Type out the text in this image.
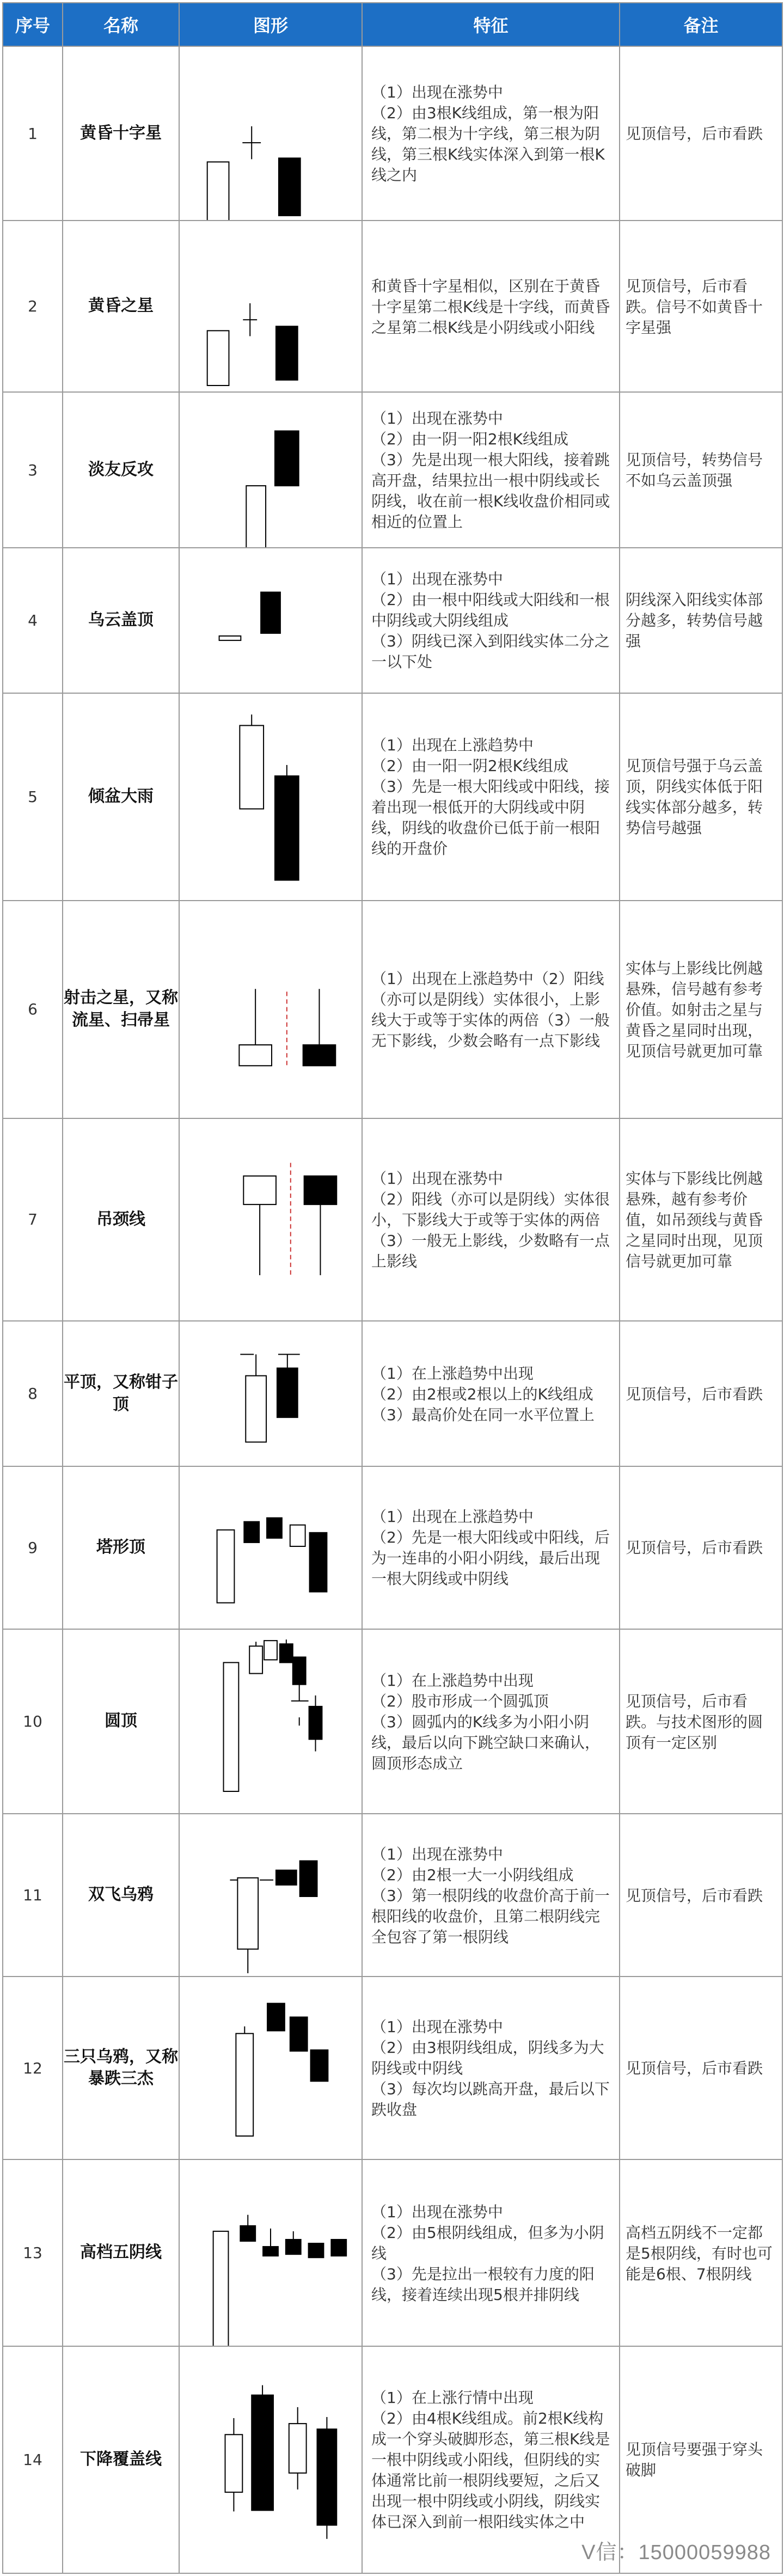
序号	名称	图形	特征	备注
1	黄昏十字星		（1）出现在涨势中
（2）由3根K线组成，第一根为阳线，第二根为十字线，第三根为阴线，第三根K线实体深入到第一根K线之内	见顶信号，后市看跌

2	黄昏之星		和黄昏十字星相似，区别在于黄昏十字星第二根K线是十字线，而黄昏之星第二根K线是小阴线或小阳线	见顶信号，后市看跌。信号不如黄昏十字星强

3	淡友反攻		（1）出现在涨势中
（2）由一阴一阳2根K线组成
（3）先是出现一根大阳线，接着跳高开盘，结果拉出一根中阴线或长阴线，收在前一根K线收盘价相同或相近的位置上	见顶信号，转势信号不如乌云盖顶强

4	乌云盖顶		（1）出现在涨势中
（2）由一根中阳线或大阳线和一根中阴线或大阴线组成
（3）阴线已深入到阳线实体二分之一以下处	阴线深入阳线实体部分越多，转势信号越强

5	倾盆大雨		（1）出现在上涨趋势中
（2）由一阳一阴2根K线组成
（3）先是一根大阳线或中阳线，接着出现一根低开的大阴线或中阴线，阴线的收盘价已低于前一根阳线的开盘价	见顶信号强于乌云盖顶，阴线实体低于阳线实体部分越多，转势信号越强

6	射击之星，又称流星、扫帚星		（1）出现在上涨趋势中（2）阳线（亦可以是阴线）实体很小，上影线大于或等于实体的两倍（3）一般无下影线，少数会略有一点下影线	实体与上影线比例越悬殊，信号越有参考价值。如射击之星与黄昏之星同时出现，见顶信号就更加可靠

7	吊颈线		（1）出现在涨势中
（2）阳线（亦可以是阴线）实体很小，下影线大于或等于实体的两倍
（3）一般无上影线，少数略有一点上影线	实体与下影线比例越悬殊，越有参考价值，如吊颈线与黄昏之星同时出现，见顶信号就更加可靠

8	平顶，又称钳子顶		（1）在上涨趋势中出现
（2）由2根或2根以上的K线组成
（3）最高价处在同一水平位置上	见顶信号，后市看跌

9	塔形顶		（1）出现在上涨趋势中
（2）先是一根大阳线或中阳线，后为一连串的小阳小阴线，最后出现一根大阴线或中阴线	见顶信号，后市看跌

10	圆顶		（1）在上涨趋势中出现
（2）股市形成一个圆弧顶
（3）圆弧内的K线多为小阳小阴线，最后以向下跳空缺口来确认，圆顶形态成立	见顶信号，后市看跌。与技术图形的圆顶有一定区别

11	双飞乌鸦		（1）出现在涨势中
（2）由2根一大一小阴线组成
（3）第一根阴线的收盘价高于前一根阳线的收盘价，且第二根阴线完全包容了第一根阴线	见顶信号，后市看跌

12	三只乌鸦，又称暴跌三杰		（1）出现在涨势中
（2）由3根阴线组成，阴线多为大阴线或中阴线
（3）每次均以跳高开盘，最后以下跌收盘	见顶信号，后市看跌

13	高档五阴线		（1）出现在涨势中
（2）由5根阴线组成，但多为小阴线
（3）先是拉出一根较有力度的阳线，接着连续出现5根并排阴线	高档五阴线不一定都是5根阴线，有时也可能是6根、7根阴线

14	下降覆盖线		（1）在上涨行情中出现
（2）由4根K线组成。前2根K线构成一个穿头破脚形态，第三根K线是一根中阴线或小阳线，但阴线的实体通常比前一根阴线要短，之后又出现一根中阴线或小阴线，阴线实体已深入到前一根阳线实体之中	见顶信号要强于穿头破脚
V信：15000059988
